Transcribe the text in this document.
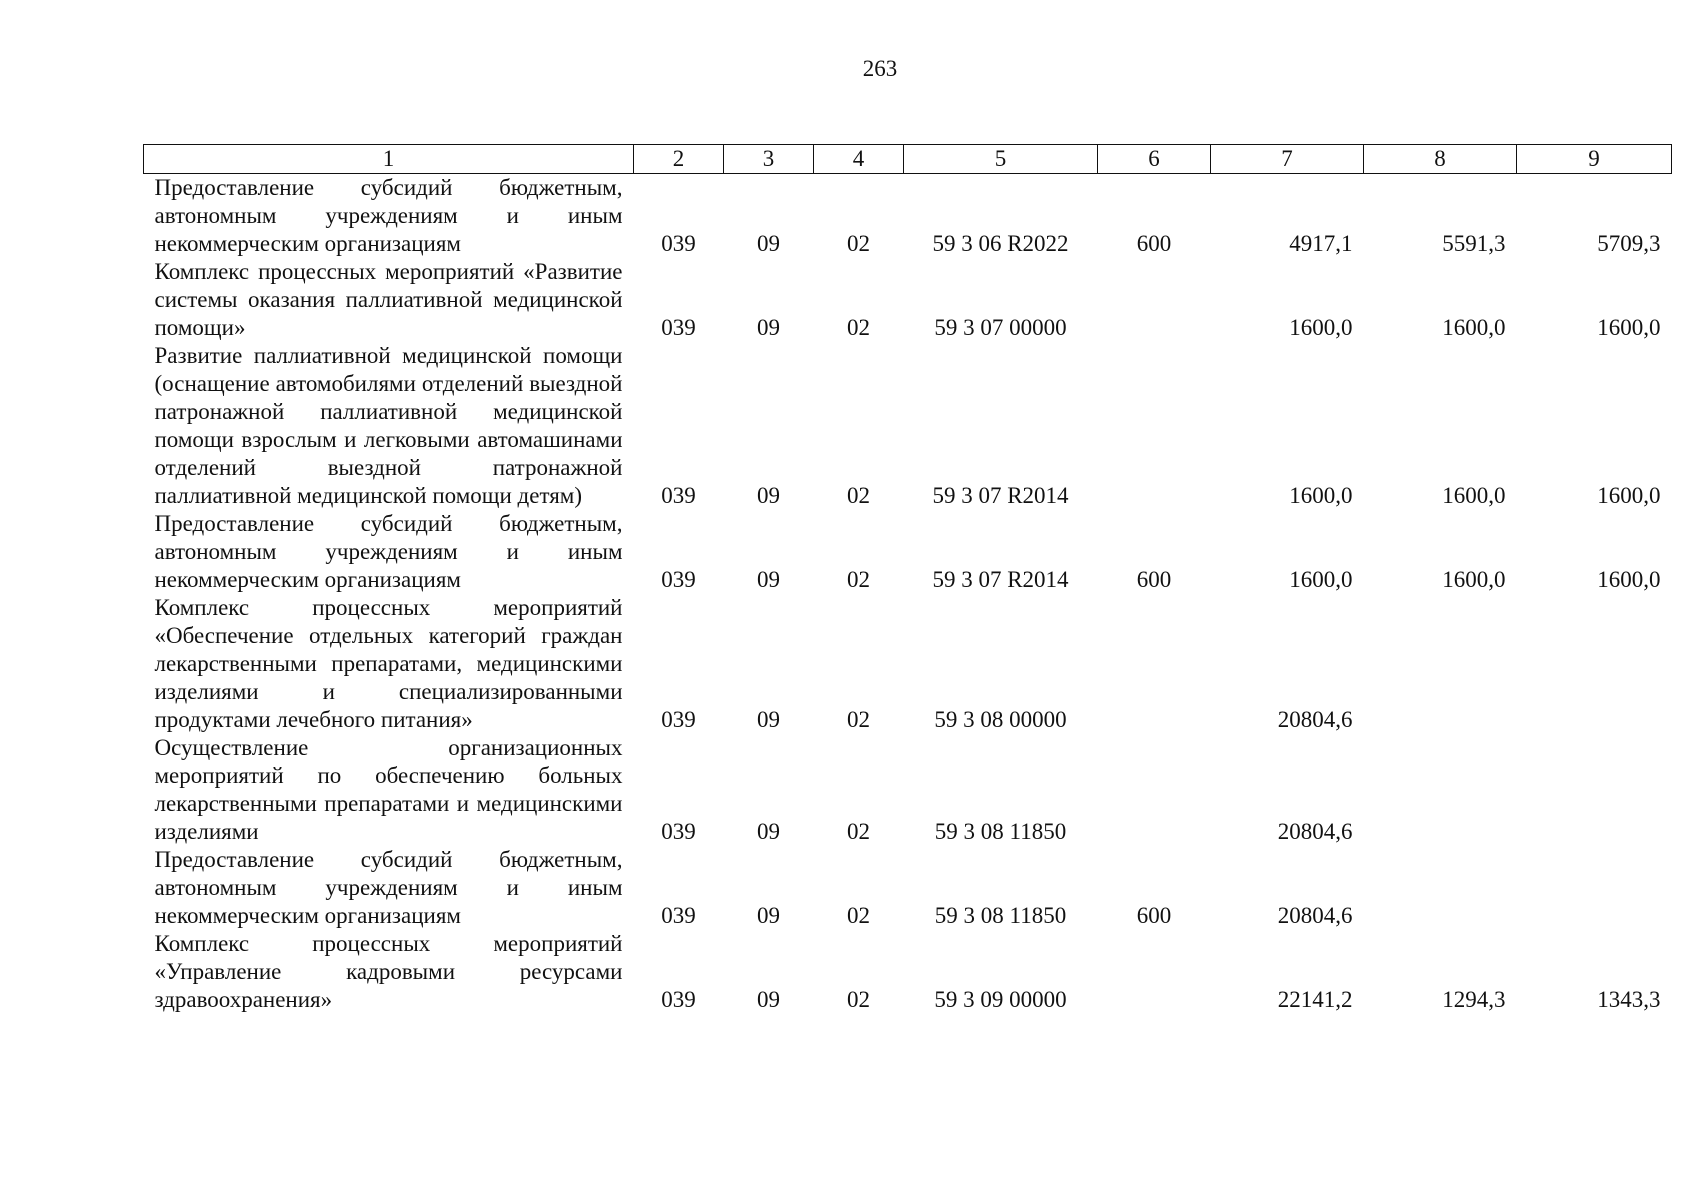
263
1	2	3	4	5	6	7	8	9
Предоставление субсидий бюджетным, автономным учреждениям и иным некоммерческим организациям	039	09	02	59 3 06 R2022	600	4917,1	5591,3	5709,3
Комплекс процессных мероприятий «Развитие системы оказания паллиативной медицинской помощи»	039	09	02	59 3 07 00000		1600,0	1600,0	1600,0
Развитие паллиативной медицинской помощи (оснащение автомобилями отделений выездной патронажной паллиативной медицинской помощи взрослым и легковыми автомашинами отделений выездной патронажной паллиативной медицинской помощи детям)	039	09	02	59 3 07 R2014		1600,0	1600,0	1600,0
Предоставление субсидий бюджетным, автономным учреждениям и иным некоммерческим организациям	039	09	02	59 3 07 R2014	600	1600,0	1600,0	1600,0
Комплекс процессных мероприятий «Обеспечение отдельных категорий граждан лекарственными препаратами, медицинскими изделиями и специализированными продуктами лечебного питания»	039	09	02	59 3 08 00000		20804,6		
Осуществление организационных мероприятий по обеспечению больных лекарственными препаратами и медицинскими изделиями	039	09	02	59 3 08 11850		20804,6		
Предоставление субсидий бюджетным, автономным учреждениям и иным некоммерческим организациям	039	09	02	59 3 08 11850	600	20804,6		
Комплекс процессных мероприятий «Управление кадровыми ресурсами здравоохранения»	039	09	02	59 3 09 00000		22141,2	1294,3	1343,3
